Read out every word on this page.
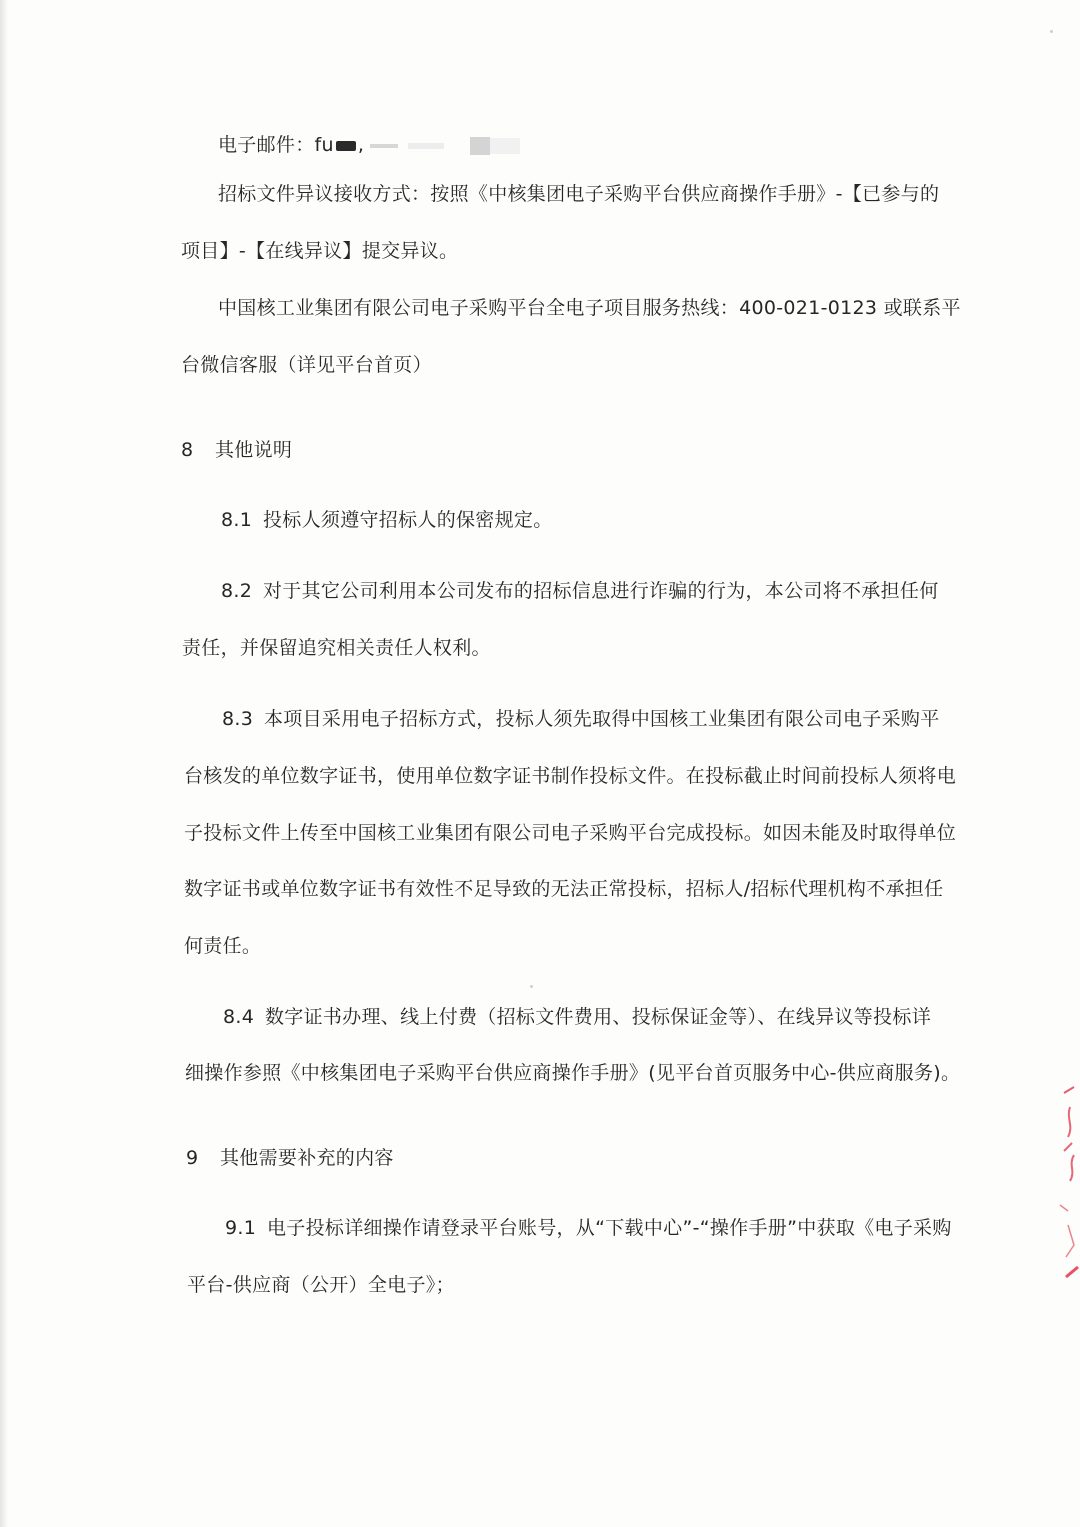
电子邮件：fu ,
招标文件异议接收方式：按照《中核集团电子采购平台供应商操作手册》-【已参与的
项目】-【在线异议】提交异议。
中国核工业集团有限公司电子采购平台全电子项目服务热线：400-021-0123 或联系平
台微信客服（详见平台首页）
8 其他说明
8.1 投标人须遵守招标人的保密规定。
8.2 对于其它公司利用本公司发布的招标信息进行诈骗的行为，本公司将不承担任何
责任，并保留追究相关责任人权利。
8.3 本项目采用电子招标方式，投标人须先取得中国核工业集团有限公司电子采购平
台核发的单位数字证书，使用单位数字证书制作投标文件。在投标截止时间前投标人须将电
子投标文件上传至中国核工业集团有限公司电子采购平台完成投标。如因未能及时取得单位
数字证书或单位数字证书有效性不足导致的无法正常投标，招标人/招标代理机构不承担任
何责任。
8.4 数字证书办理、线上付费（招标文件费用、投标保证金等）、在线异议等投标详
细操作参照《中核集团电子采购平台供应商操作手册》(见平台首页服务中心-供应商服务)。
9 其他需要补充的内容
9.1 电子投标详细操作请登录平台账号，从“下载中心”-“操作手册”中获取《电子采购
平台-供应商（公开）全电子》；
